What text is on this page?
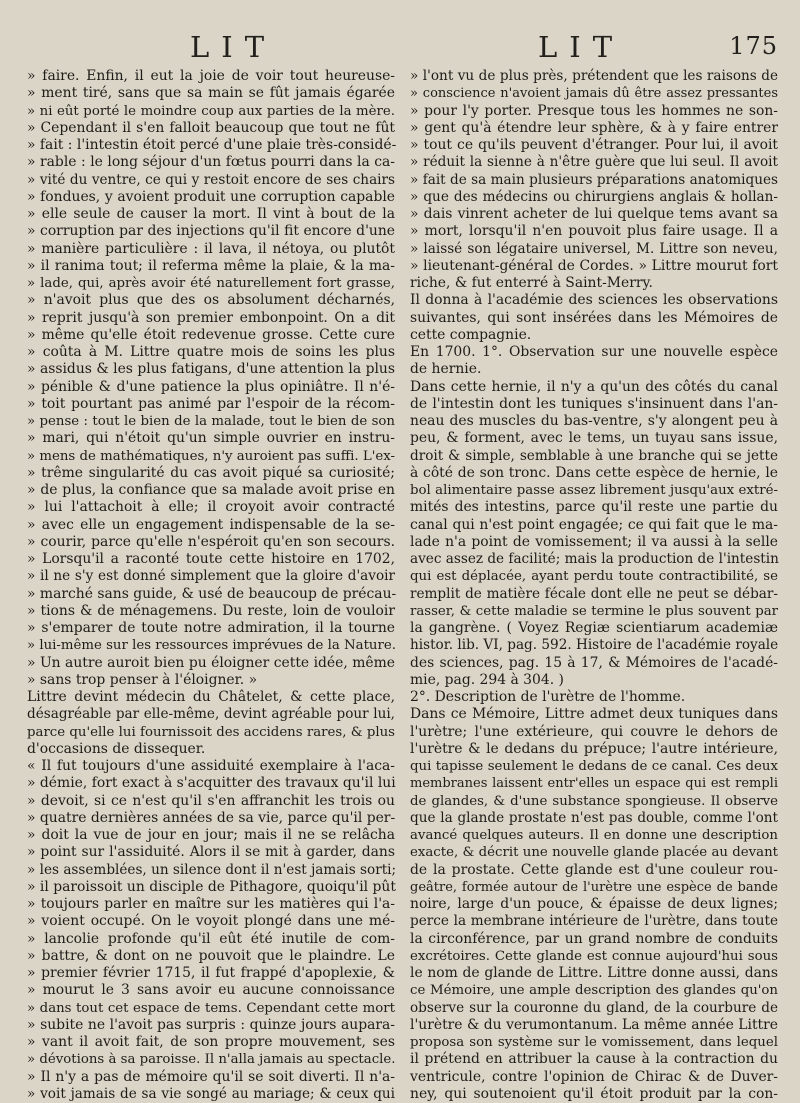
LIT	LIT	175
» faire. Enfin, il eut la joie de voir tout heureuse-
» ment tiré, sans que sa main se fût jamais égarée
» ni eût porté le moindre coup aux parties de la mère.
» Cependant il s'en falloit beaucoup que tout ne fût
» fait : l'intestin étoit percé d'une plaie très-considé-
» rable : le long séjour d'un fœtus pourri dans la ca-
» vité du ventre, ce qui y restoit encore de ses chairs
» fondues, y avoient produit une corruption capable
» elle seule de causer la mort. Il vint à bout de la
» corruption par des injections qu'il fit encore d'une
» manière particulière : il lava, il nétoya, ou plutôt
» il ranima tout; il referma même la plaie, & la ma-
» lade, qui, après avoir été naturellement fort grasse,
» n'avoit plus que des os absolument décharnés,
» reprit jusqu'à son premier embonpoint. On a dit
» même qu'elle étoit redevenue grosse. Cette cure
» coûta à M. Littre quatre mois de soins les plus
» assidus & les plus fatigans, d'une attention la plus
» pénible & d'une patience la plus opiniâtre. Il n'é-
» toit pourtant pas animé par l'espoir de la récom-
» pense : tout le bien de la malade, tout le bien de son
» mari, qui n'étoit qu'un simple ouvrier en instru-
» mens de mathématiques, n'y auroient pas suffi. L'ex-
» trême singularité du cas avoit piqué sa curiosité;
» de plus, la confiance que sa malade avoit prise en
» lui l'attachoit à elle; il croyoit avoir contracté
» avec elle un engagement indispensable de la se-
» courir, parce qu'elle n'espéroit qu'en son secours.
» Lorsqu'il a raconté toute cette histoire en 1702,
» il ne s'y est donné simplement que la gloire d'avoir
» marché sans guide, & usé de beaucoup de précau-
» tions & de ménagemens. Du reste, loin de vouloir
» s'emparer de toute notre admiration, il la tourne
» lui-même sur les ressources imprévues de la Nature.
» Un autre auroit bien pu éloigner cette idée, même
» sans trop penser à l'éloigner. »
Littre devint médecin du Châtelet, & cette place,
désagréable par elle-même, devint agréable pour lui,
parce qu'elle lui fournissoit des accidens rares, & plus
d'occasions de dissequer.
« Il fut toujours d'une assiduité exemplaire à l'aca-
» démie, fort exact à s'acquitter des travaux qu'il lui
» devoit, si ce n'est qu'il s'en affranchit les trois ou
» quatre dernières années de sa vie, parce qu'il per-
» doit la vue de jour en jour; mais il ne se relâcha
» point sur l'assiduité. Alors il se mit à garder, dans
» les assemblées, un silence dont il n'est jamais sorti;
» il paroissoit un disciple de Pithagore, quoiqu'il pût
» toujours parler en maître sur les matières qui l'a-
» voient occupé. On le voyoit plongé dans une mé-
» lancolie profonde qu'il eût été inutile de com-
» battre, & dont on ne pouvoit que le plaindre. Le
» premier février 1715, il fut frappé d'apoplexie, &
» mourut le 3 sans avoir eu aucune connoissance
» dans tout cet espace de tems. Cependant cette mort
» subite ne l'avoit pas surpris : quinze jours aupara-
» vant il avoit fait, de son propre mouvement, ses
» dévotions à sa paroisse. Il n'alla jamais au spectacle.
» Il n'y a pas de mémoire qu'il se soit diverti. Il n'a-
» voit jamais de sa vie songé au mariage; & ceux qui
» l'ont vu de plus près, prétendent que les raisons de
» conscience n'avoient jamais dû être assez pressantes
» pour l'y porter. Presque tous les hommes ne son-
» gent qu'à étendre leur sphère, & à y faire entrer
» tout ce qu'ils peuvent d'étranger. Pour lui, il avoit
» réduit la sienne à n'être guère que lui seul. Il avoit
» fait de sa main plusieurs préparations anatomiques
» que des médecins ou chirurgiens anglais & hollan-
» dais vinrent acheter de lui quelque tems avant sa
» mort, lorsqu'il n'en pouvoit plus faire usage. Il a
» laissé son légataire universel, M. Littre son neveu,
» lieutenant-général de Cordes. » Littre mourut fort
riche, & fut enterré à Saint-Merry.
Il donna à l'académie des sciences les observations
suivantes, qui sont insérées dans les Mémoires de
cette compagnie.
En 1700. 1°. Observation sur une nouvelle espèce
de hernie.
Dans cette hernie, il n'y a qu'un des côtés du canal
de l'intestin dont les tuniques s'insinuent dans l'an-
neau des muscles du bas-ventre, s'y alongent peu à
peu, & forment, avec le tems, un tuyau sans issue,
droit & simple, semblable à une branche qui se jette
à côté de son tronc. Dans cette espèce de hernie, le
bol alimentaire passe assez librement jusqu'aux extré-
mités des intestins, parce qu'il reste une partie du
canal qui n'est point engagée; ce qui fait que le ma-
lade n'a point de vomissement; il va aussi à la selle
avec assez de facilité; mais la production de l'intestin
qui est déplacée, ayant perdu toute contractibilité, se
remplit de matière fécale dont elle ne peut se débar-
rasser, & cette maladie se termine le plus souvent par
la gangrène. ( Voyez Regiæ scientiarum academiæ
histor. lib. VI, pag. 592. Histoire de l'académie royale
des sciences, pag. 15 à 17, & Mémoires de l'acadé-
mie, pag. 294 à 304. )
2°. Description de l'urètre de l'homme.
Dans ce Mémoire, Littre admet deux tuniques dans
l'urètre; l'une extérieure, qui couvre le dehors de
l'urètre & le dedans du prépuce; l'autre intérieure,
qui tapisse seulement le dedans de ce canal. Ces deux
membranes laissent entr'elles un espace qui est rempli
de glandes, & d'une substance spongieuse. Il observe
que la glande prostate n'est pas double, comme l'ont
avancé quelques auteurs. Il en donne une description
exacte, & décrit une nouvelle glande placée au devant
de la prostate. Cette glande est d'une couleur rou-
geâtre, formée autour de l'urètre une espèce de bande
noire, large d'un pouce, & épaisse de deux lignes;
perce la membrane intérieure de l'urètre, dans toute
la circonférence, par un grand nombre de conduits
excrétoires. Cette glande est connue aujourd'hui sous
le nom de glande de Littre. Littre donne aussi, dans
ce Mémoire, une ample description des glandes qu'on
observe sur la couronne du gland, de la courbure de
l'urètre & du verumontanum. La même année Littre
proposa son système sur le vomissement, dans lequel
il prétend en attribuer la cause à la contraction du
ventricule, contre l'opinion de Chirac & de Duver-
ney, qui soutenoient qu'il étoit produit par la con-
